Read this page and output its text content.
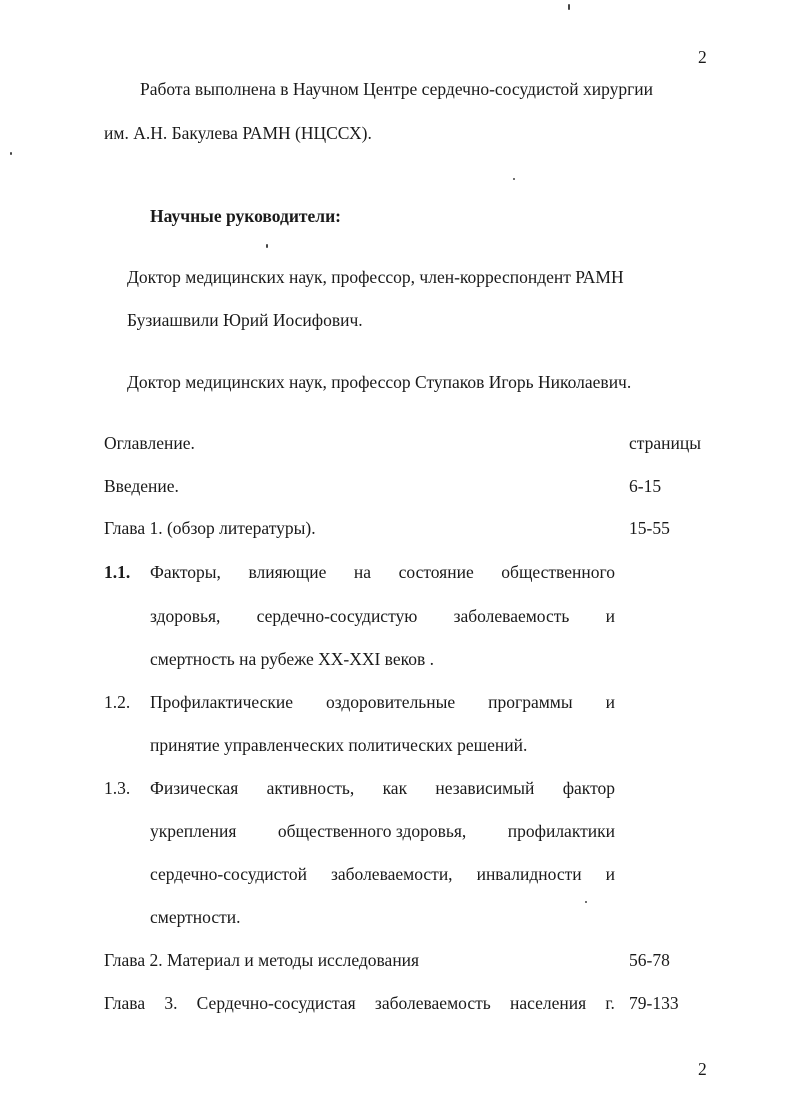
2
Работа выполнена в Научном Центре сердечно-сосудистой хирургии
им. А.Н. Бакулева РАМН (НЦССХ).
Научные руководители:
Доктор медицинских наук, профессор, член-корреспондент РАМН
Бузиашвили Юрий Иосифович.
Доктор медицинских наук, профессор Ступаков Игорь Николаевич.
Оглавление.	страницы
Введение.	6-15
Глава 1. (обзор литературы).	15-55
1.1. Факторы, влияющие на состояние общественного
здоровья, сердечно-сосудистую заболеваемость и
смертность на рубеже XX-XXI веков .
1.2. Профилактические оздоровительные программы и
принятие управленческих политических решений.
1.3. Физическая активность, как независимый фактор
укрепления общественного здоровья, профилактики
сердечно-сосудистой заболеваемости, инвалидности и
смертности.
Глава 2. Материал и методы исследования	56-78
Глава 3. Сердечно-сосудистая заболеваемость населения г. 79-133
2
